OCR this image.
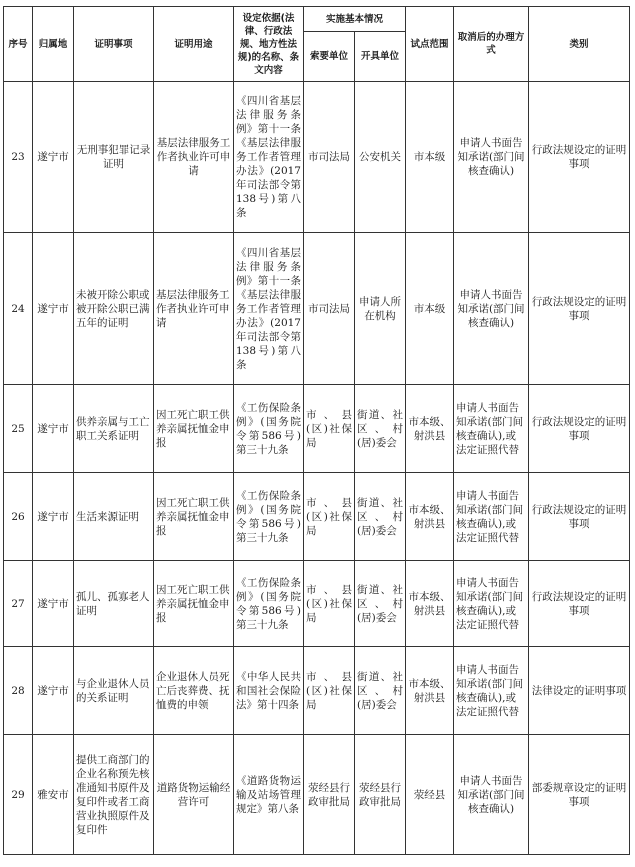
序号	归属地	证明事项	证明用途	设定依据(法律、行政法规、地方性法规)的名称、条文内容	实施基本情况		试点范围	取消后的办理方式	类别
					索要单位	开具单位			
23	遂宁市	无刑事犯罪记录证明	基层法律服务工作者执业许可申请	《四川省基层法律服务条例》第十一条《基层法律服务工作者管理办法》(2017年司法部令第138号)第八条	市司法局	公安机关	市本级	申请人书面告知承诺(部门间核查确认)	行政法规设定的证明事项
24	遂宁市	未被开除公职或被开除公职已满五年的证明	基层法律服务工作者执业许可申请	《四川省基层法律服务条例》第十一条《基层法律服务工作者管理办法》(2017年司法部令第138号)第八条	市司法局	申请人所在机构	市本级	申请人书面告知承诺(部门间核查确认)	行政法规设定的证明事项
25	遂宁市	供养亲属与工亡职工关系证明	因工死亡职工供养亲属抚恤金申报	《工伤保险条例》(国务院令第586号)第三十九条	市、县(区)社保局	街道、社区、村(居)委会	市本级、射洪县	申请人书面告知承诺(部门间核查确认),或法定证照代替	行政法规设定的证明事项
26	遂宁市	生活来源证明	因工死亡职工供养亲属抚恤金申报	《工伤保险条例》(国务院令第586号)第三十九条	市、县(区)社保局	街道、社区、村(居)委会	市本级、射洪县	申请人书面告知承诺(部门间核查确认),或法定证照代替	行政法规设定的证明事项
27	遂宁市	孤儿、孤寡老人证明	因工死亡职工供养亲属抚恤金申报	《工伤保险条例》(国务院令第586号)第三十九条	市、县(区)社保局	街道、社区、村(居)委会	市本级、射洪县	申请人书面告知承诺(部门间核查确认),或法定证照代替	行政法规设定的证明事项
28	遂宁市	与企业退休人员的关系证明	企业退休人员死亡后丧葬费、抚恤费的申领	《中华人民共和国社会保险法》第十四条	市、县(区)社保局	街道、社区、村(居)委会	市本级、射洪县	申请人书面告知承诺(部门间核查确认),或法定证照代替	法律设定的证明事项
29	雅安市	提供工商部门的企业名称预先核准通知书原件及复印件或者工商营业执照原件及复印件	道路货物运输经营许可	《道路货物运输及站场管理规定》第八条	荥经县行政审批局	荥经县行政审批局	荥经县	申请人书面告知承诺(部门间核查确认)	部委规章设定的证明事项
